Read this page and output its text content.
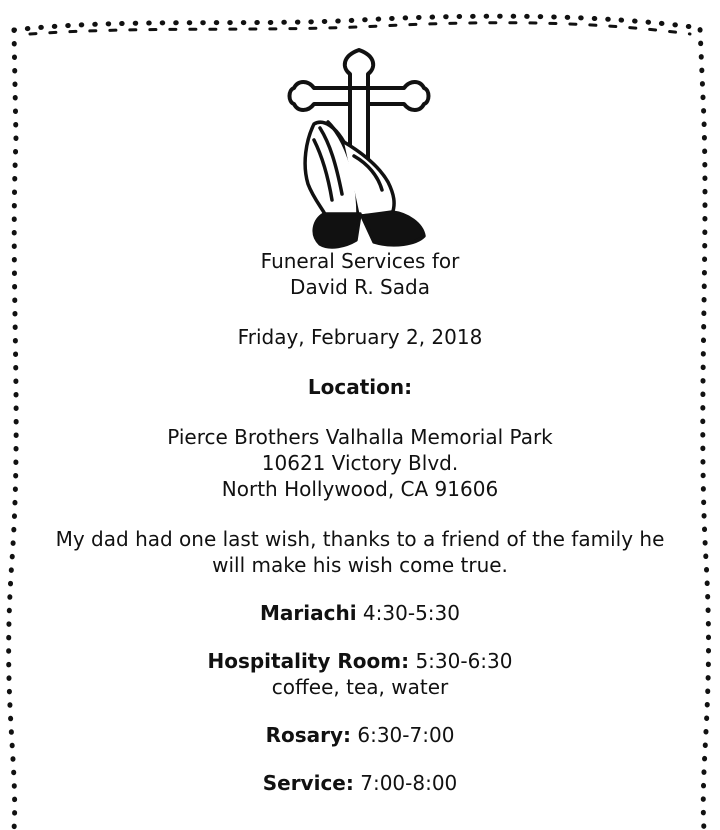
Funeral Services for
David R. Sada
Friday, February 2, 2018
Location:
Pierce Brothers Valhalla Memorial Park
10621 Victory Blvd.
North Hollywood, CA 91606
My dad had one last wish, thanks to a friend of the family he
will make his wish come true.
Mariachi 4:30-5:30
Hospitality Room: 5:30-6:30
coffee, tea, water
Rosary: 6:30-7:00
Service: 7:00-8:00
